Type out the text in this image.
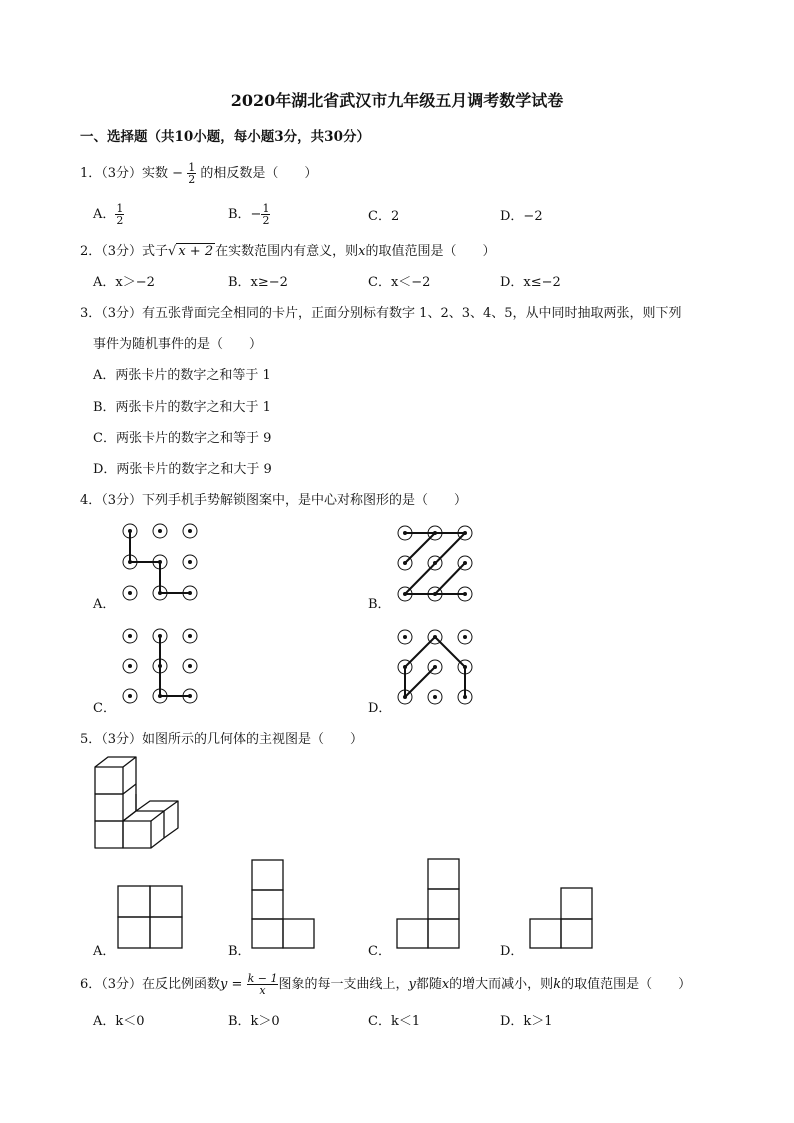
2020年湖北省武汉市九年级五月调考数学试卷
一、选择题（共10小题，每小题3分，共30分）
1．（3分）实数 − $\frac{1}{2}$ 的相反数是（　　）
A． $\frac{1}{2}$	B．− $\frac{1}{2}$	C．2	D．−2
2．（3分）式子√ x + 2 在实数范围内有意义，则x的取值范围是（　　）
A．x＞−2	B．x≥−2	C．x＜−2	D．x≤−2
3．（3分）有五张背面完全相同的卡片，正面分别标有数字 1、2、3、4、5，从中同时抽取两张，则下列
事件为随机事件的是（　　）
A．两张卡片的数字之和等于 1
B．两张卡片的数字之和大于 1
C．两张卡片的数字之和等于 9
D．两张卡片的数字之和大于 9
4．（3分）下列手机手势解锁图案中，是中心对称图形的是（　　）
A．	B．
C．	D．
5．（3分）如图所示的几何体的主视图是（　　）
A．	B．	C．	D．
6．（3分）在反比例函数$y = \frac{k - 1}{x}$ 图象的每一支曲线上，y都随x的增大而减小，则k的取值范围是（　　）
A．k＜0	B．k＞0	C．k＜1	D．k＞1
